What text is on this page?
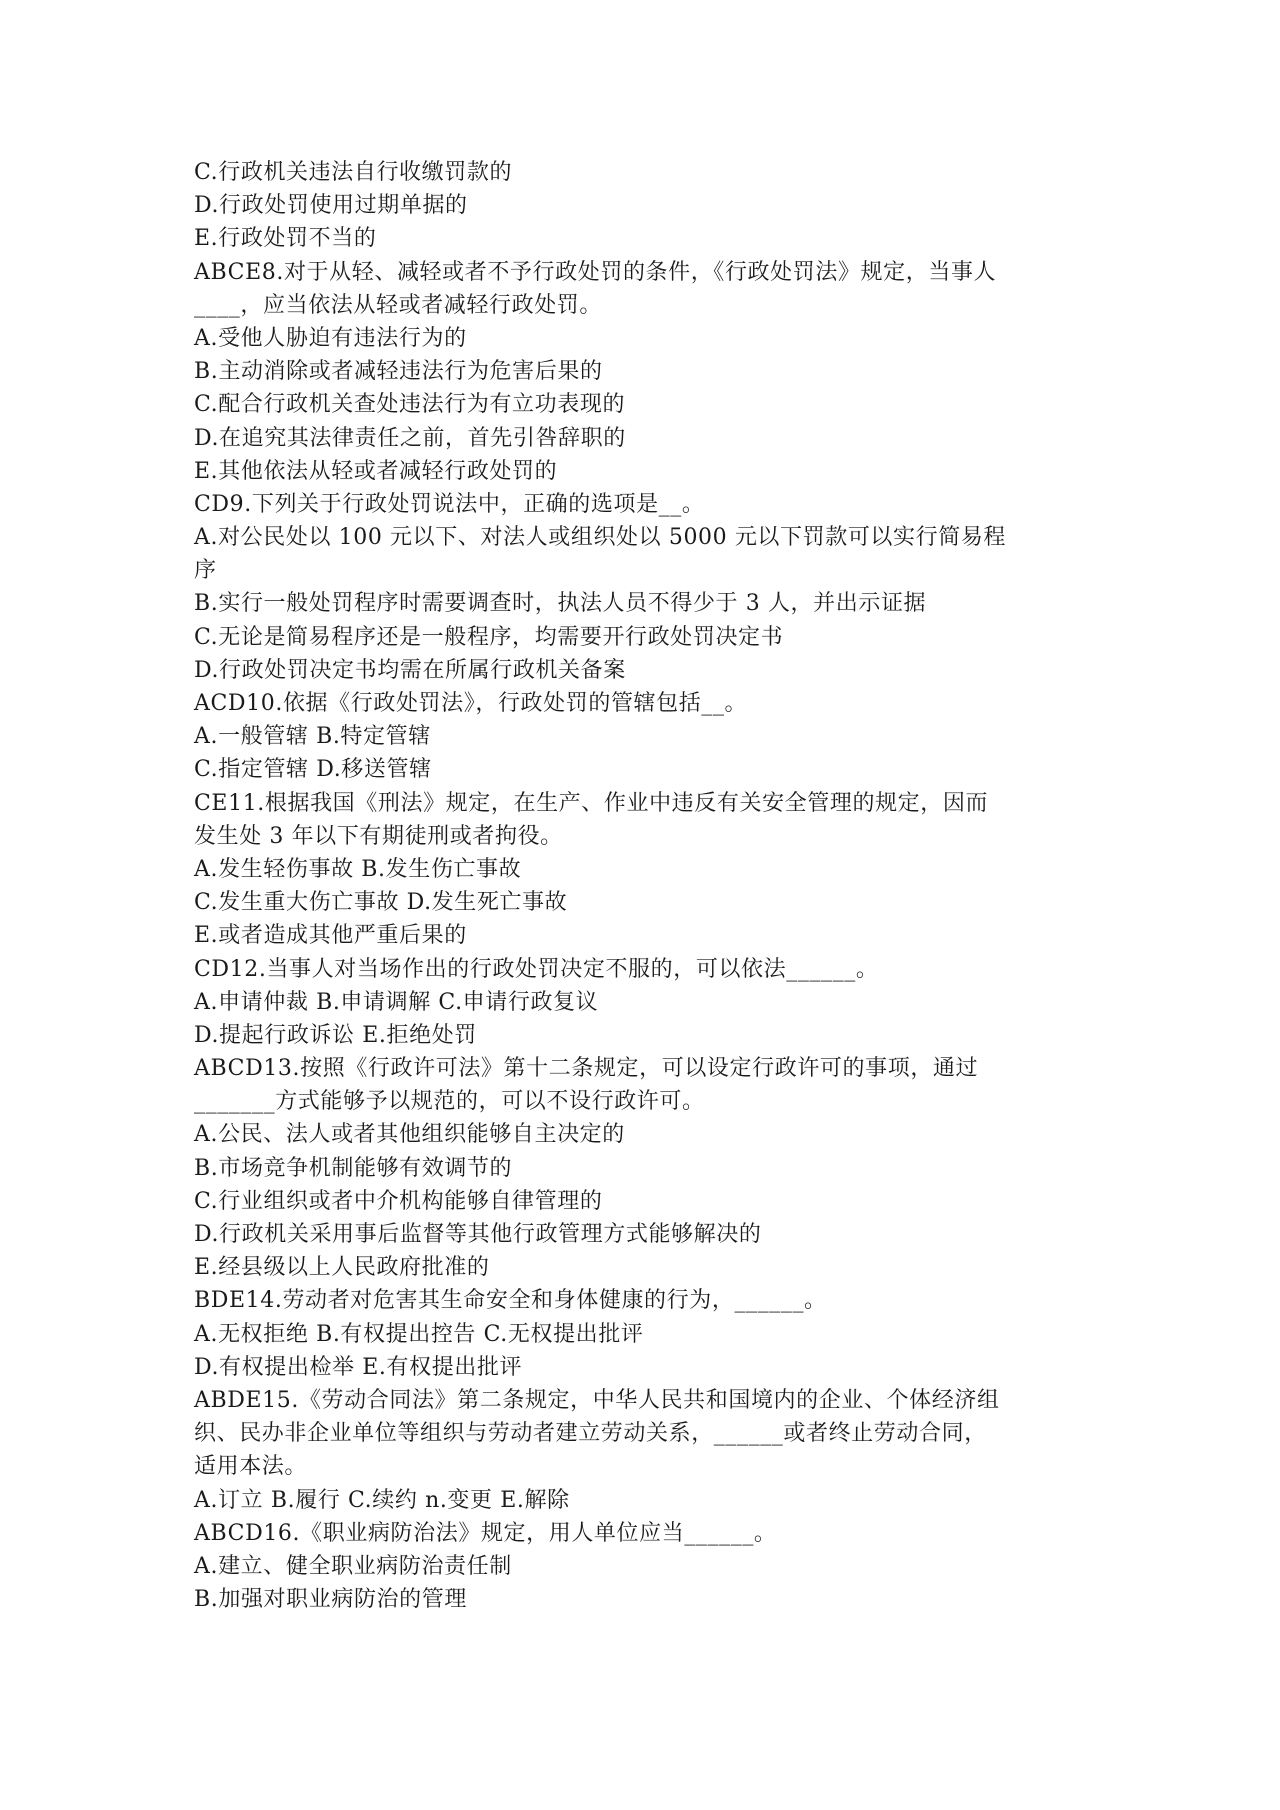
C.行政机关违法自行收缴罚款的
D.行政处罚使用过期单据的
E.行政处罚不当的
ABCE8.对于从轻、减轻或者不予行政处罚的条件，《行政处罚法》规定，当事人
____，应当依法从轻或者减轻行政处罚。
A.受他人胁迫有违法行为的
B.主动消除或者减轻违法行为危害后果的
C.配合行政机关查处违法行为有立功表现的
D.在追究其法律责任之前，首先引咎辞职的
E.其他依法从轻或者减轻行政处罚的
CD9.下列关于行政处罚说法中，正确的选项是__。
A.对公民处以 100 元以下、对法人或组织处以 5000 元以下罚款可以实行简易程
序
B.实行一般处罚程序时需要调查时，执法人员不得少于 3 人，并出示证据
C.无论是简易程序还是一般程序，均需要开行政处罚决定书
D.行政处罚决定书均需在所属行政机关备案
ACD10.依据《行政处罚法》，行政处罚的管辖包括__。
A.一般管辖 B.特定管辖
C.指定管辖 D.移送管辖
CE11.根据我国《刑法》规定，在生产、作业中违反有关安全管理的规定，因而
发生处 3 年以下有期徒刑或者拘役。
A.发生轻伤事故 B.发生伤亡事故
C.发生重大伤亡事故 D.发生死亡事故
E.或者造成其他严重后果的
CD12.当事人对当场作出的行政处罚决定不服的，可以依法______。
A.申请仲裁 B.申请调解 C.申请行政复议
D.提起行政诉讼 E.拒绝处罚
ABCD13.按照《行政许可法》第十二条规定，可以设定行政许可的事项，通过
_______方式能够予以规范的，可以不设行政许可。
A.公民、法人或者其他组织能够自主决定的
B.市场竞争机制能够有效调节的
C.行业组织或者中介机构能够自律管理的
D.行政机关采用事后监督等其他行政管理方式能够解决的
E.经县级以上人民政府批准的
BDE14.劳动者对危害其生命安全和身体健康的行为，______。
A.无权拒绝 B.有权提出控告 C.无权提出批评
D.有权提出检举 E.有权提出批评
ABDE15.《劳动合同法》第二条规定，中华人民共和国境内的企业、个体经济组
织、民办非企业单位等组织与劳动者建立劳动关系，______或者终止劳动合同，
适用本法。
A.订立 B.履行 C.续约 n.变更 E.解除
ABCD16.《职业病防治法》规定，用人单位应当______。
A.建立、健全职业病防治责任制
B.加强对职业病防治的管理
